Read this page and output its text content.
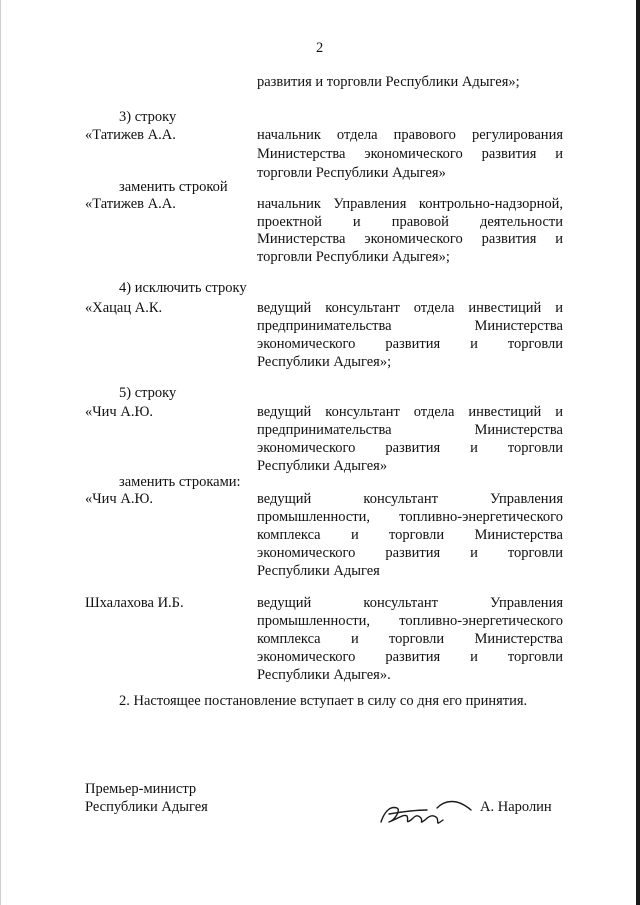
2
развития и торговли Республики Адыгея»;
3) строку
«Татижев А.А.	начальник отдела правового регулирования
Министерства экономического развития и
торговли Республики Адыгея»
заменить строкой
«Татижев А.А.	начальник Управления контрольно-надзорной,
проектной и правовой деятельности
Министерства экономического развития и
торговли Республики Адыгея»;
4) исключить строку
«Хацац А.К.	ведущий консультант отдела инвестиций и
предпринимательства Министерства
экономического развития и торговли
Республики Адыгея»;
5) строку
«Чич А.Ю.	ведущий консультант отдела инвестиций и
предпринимательства Министерства
экономического развития и торговли
Республики Адыгея»
заменить строками:
«Чич А.Ю.	ведущий консультант Управления
промышленности, топливно-энергетического
комплекса и торговли Министерства
экономического развития и торговли
Республики Адыгея
Шхалахова И.Б.	ведущий консультант Управления
промышленности, топливно-энергетического
комплекса и торговли Министерства
экономического развития и торговли
Республики Адыгея».
2. Настоящее постановление вступает в силу со дня его принятия.
Премьер-министр
Республики Адыгея	А. Наролин
